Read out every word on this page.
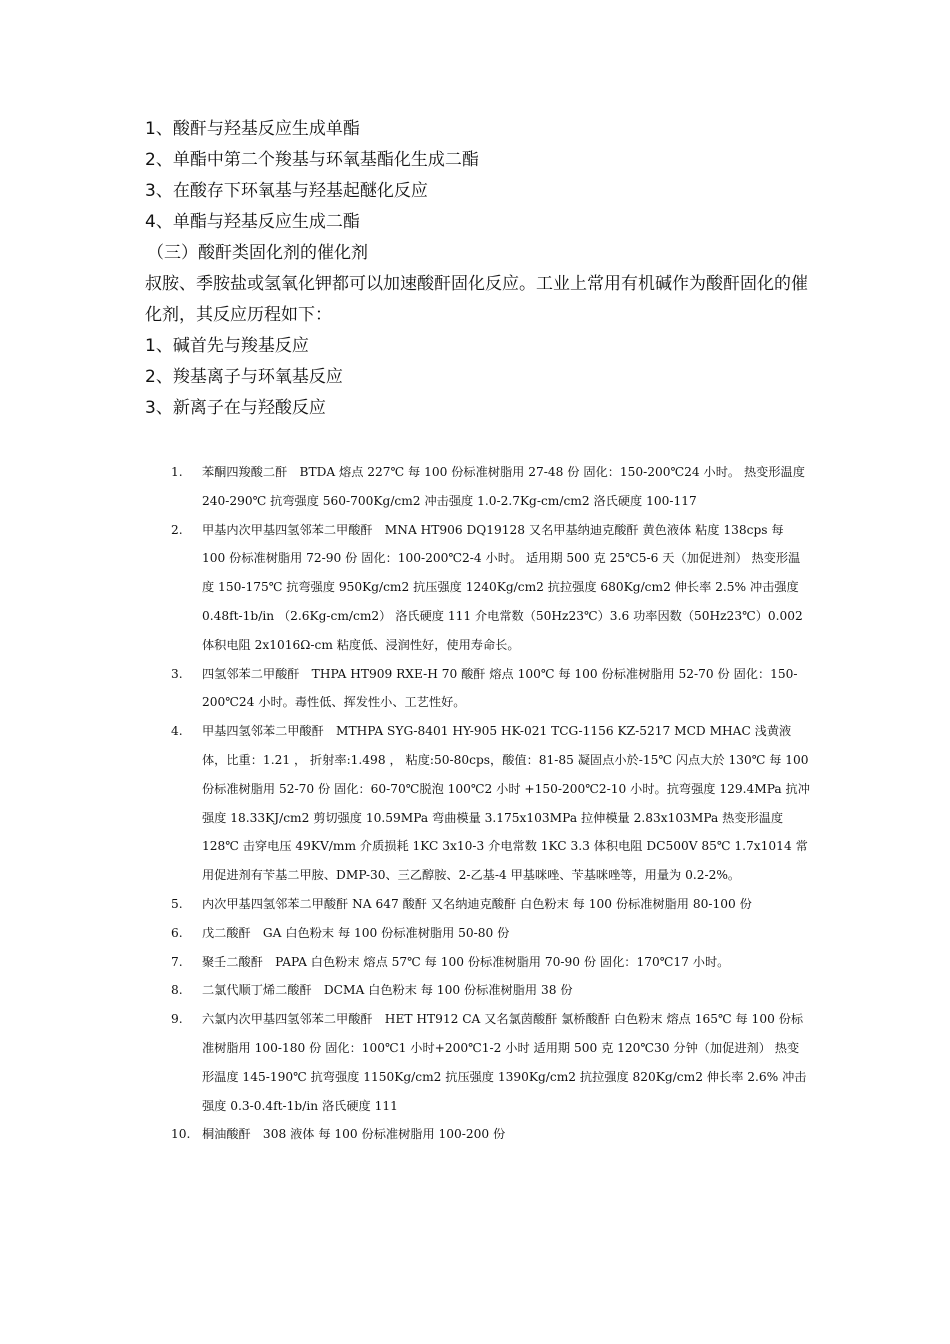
1、酸酐与羟基反应生成单酯
2、单酯中第二个羧基与环氧基酯化生成二酯
3、在酸存下环氧基与羟基起醚化反应
4、单酯与羟基反应生成二酯
（三）酸酐类固化剂的催化剂
叔胺、季胺盐或氢氧化钾都可以加速酸酐固化反应。工业上常用有机碱作为酸酐固化的催化剂，其反应历程如下：
1、碱首先与羧基反应
2、羧基离子与环氧基反应
3、新离子在与羟酸反应
1. 苯酮四羧酸二酐　BTDA 熔点 227℃ 每 100 份标准树脂用 27-48 份 固化：150-200℃24 小时。 热变形温度 240-290℃ 抗弯强度 560-700Kg/cm2 冲击强度 1.0-2.7Kg-cm/cm2 洛氏硬度 100-117
2. 甲基内次甲基四氢邻苯二甲酸酐　MNA HT906 DQ19128 又名甲基纳迪克酸酐 黄色液体 粘度 138cps 每 100 份标准树脂用 72-90 份 固化：100-200℃2-4 小时。 适用期 500 克 25℃5-6 天（加促进剂） 热变形温度 150-175℃ 抗弯强度 950Kg/cm2 抗压强度 1240Kg/cm2 抗拉强度 680Kg/cm2 伸长率 2.5% 冲击强度 0.48ft-1b/in （2.6Kg-cm/cm2） 洛氏硬度 111 介电常数（50Hz23℃）3.6 功率因数（50Hz23℃）0.002 体积电阻 2x1016Ω-cm 粘度低、浸润性好，使用寿命长。
3. 四氢邻苯二甲酸酐　THPA HT909 RXE-H 70 酸酐 熔点 100℃ 每 100 份标准树脂用 52-70 份 固化：150-200℃24 小时。毒性低、挥发性小、工艺性好。
4. 甲基四氢邻苯二甲酸酐　MTHPA SYG-8401 HY-905 HK-021 TCG-1156 KZ-5217 MCD MHAC 浅黄液体，比重：1.21 ， 折射率:1.498 ， 粘度:50-80cps，酸值：81-85 凝固点小於-15℃ 闪点大於 130℃ 每 100 份标准树脂用 52-70 份 固化：60-70℃脱泡 100℃2 小时 +150-200℃2-10 小时。抗弯强度 129.4MPa 抗冲强度 18.33KJ/cm2 剪切强度 10.59MPa 弯曲模量 3.175x103MPa 拉伸模量 2.83x103MPa 热变形温度 128℃ 击穿电压 49KV/mm 介质损耗 1KC 3x10-3 介电常数 1KC 3.3 体积电阻 DC500V 85℃ 1.7x1014 常用促进剂有苄基二甲胺、DMP-30、三乙醇胺、2-乙基-4 甲基咪唑、苄基咪唑等，用量为 0.2-2%。
5. 内次甲基四氢邻苯二甲酸酐 NA 647 酸酐 又名纳迪克酸酐 白色粉末 每 100 份标准树脂用 80-100 份
6. 戊二酸酐　GA 白色粉末 每 100 份标准树脂用 50-80 份
7. 聚壬二酸酐　PAPA 白色粉末 熔点 57℃ 每 100 份标准树脂用 70-90 份 固化：170℃17 小时。
8. 二氯代顺丁烯二酸酐　DCMA 白色粉末 每 100 份标准树脂用 38 份
9. 六氯内次甲基四氢邻苯二甲酸酐　HET HT912 CA 又名氯茵酸酐 氯桥酸酐 白色粉末 熔点 165℃ 每 100 份标准树脂用 100-180 份 固化：100℃1 小时+200℃1-2 小时 适用期 500 克 120℃30 分钟（加促进剂） 热变形温度 145-190℃ 抗弯强度 1150Kg/cm2 抗压强度 1390Kg/cm2 抗拉强度 820Kg/cm2 伸长率 2.6% 冲击强度 0.3-0.4ft-1b/in 洛氏硬度 111
10. 桐油酸酐　308 液体 每 100 份标准树脂用 100-200 份
